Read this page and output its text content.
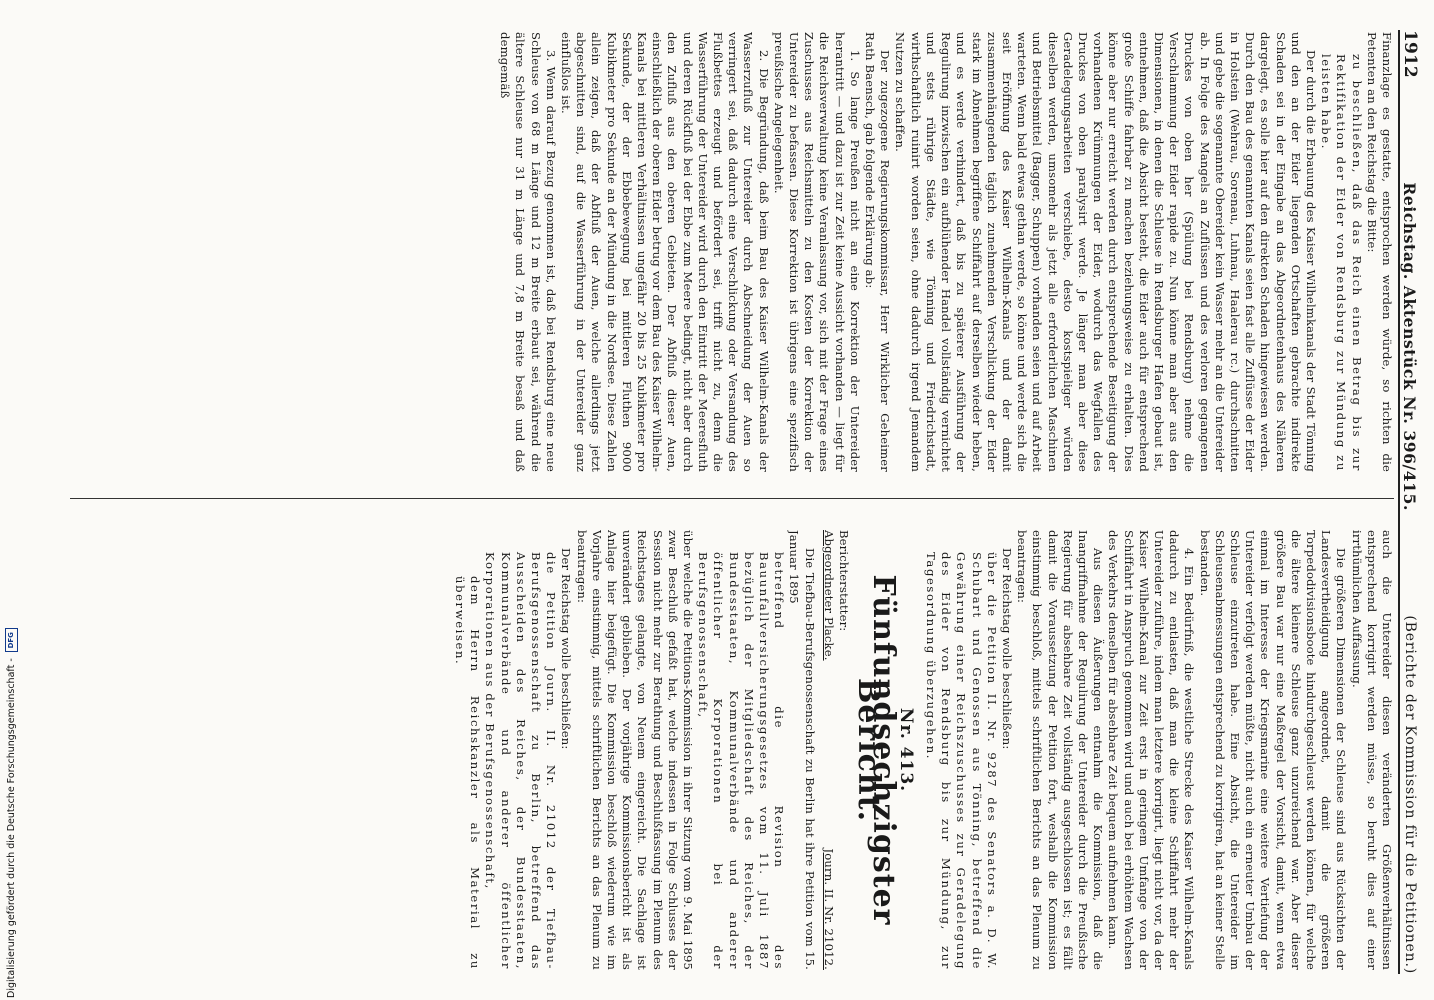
1912
Reichstag. Aktenstück Nr. 396/415.
(Berichte der Kommission für die Petitionen.)

Finanzlage es gestatte, entsprochen werden würde, so richten die Petenten an den Reichstag die Bitte:

zu beschließen, daß das Reich einen Betrag bis zur Rektifikation der Eider von Rendsburg zur Mündung zu leisten habe.

Der durch die Erbauung des Kaiser Wilhelmkanals der Stadt Tönning und den an der Eider liegenden Ortschaften gebrachte indirekte Schaden sei in der Eingabe an das Abgeordnetenhaus des Näheren dargelegt, es solle hier auf den direkten Schaden hingewiesen werden. Durch den Bau des genannten Kanals seien fast alle Zuflüsse der Eider in Holstein (Wehrau, Sorenau, Luhnau, Haalerau rc.) durchschnitten und gebe die sogenannte Obereider kein Wasser mehr an die Untereider ab. In Folge des Mangels an Zuflüssen und des verloren gegangenen Druckes von oben her (Spülung bei Rendsburg) nehme die Verschlammung der Eider rapide zu. Nun könne man aber aus den Dimensionen, in denen die Schleuse in Rendsburger Hafen gebaut ist, entnehmen, daß die Absicht besteht, die Eider auch für entsprechend große Schiffe fahrbar zu machen beziehungsweise zu erhalten. Dies könne aber nur erreicht werden durch entsprechende Beseitigung der vorhandenen Krümmungen der Eider, wodurch das Wegfallen des Druckes von oben paralysirt werde. Je länger man aber diese Geradelegungsarbeiten verschiebe, desto kostspieliger würden dieselben werden, umsomehr als jetzt alle erforderlichen Maschinen und Betriebsmittel (Bagger, Schuppen) vorhanden seien und auf Arbeit warteten. Wenn bald etwas gethan werde, so könne und werde sich die seit Eröffnung des Kaiser Wilhelm-Kanals und der damit zusammenhängenden täglich zunehmenden Verschlickung der Eider stark im Abnehmen begriffene Schiffahrt auf derselben wieder heben, und es werde verhindert, daß bis zu späterer Ausführung der Regulirung inzwischen ein aufblühender Handel vollständig vernichtet und stets rührige Städte, wie Tönning und Friedrichstadt, wirthschaftlich ruinirt worden seien, ohne dadurch irgend Jemandem Nutzen zu schaffen.

Der zugezogene Regierungskommissar, Herr Wirklicher Geheimer Rath Baensch, gab folgende Erklärung ab:

1. So lange Preußen nicht an eine Korrektion der Untereider herantritt — und dazu ist zur Zeit keine Aussicht vorhanden — liegt für die Reichsverwaltung keine Veranlassung vor, sich mit der Frage eines Zuschusses aus Reichsmitteln zu den Kosten der Korrektion der Untereider zu befassen. Diese Korrektion ist übrigens eine spezifisch preußische Angelegenheit.

2. Die Begründung, daß beim Bau des Kaiser Wilhelm-Kanals der Wasserzufluß zur Untereider durch Abschneidung der Auen so verringert sei, daß dadurch eine Verschlickung oder Versandung des Flußbettes erzeugt und befördert sei, trifft nicht zu, denn die Wasserführung der Untereider wird durch den Eintritt der Meeresfluth und deren Rückfluß bei der Ebbe zum Meere bedingt, nicht aber durch den Zufluß aus den oberen Gebieten. Der Abfluß dieser Auen, einschließlich der oberen Eider betrug vor dem Bau des Kaiser Wilhelm-Kanals bei mittleren Verhältnissen ungefähr 20 bis 25 Kubikmeter pro Sekunde, der der Ebbebewegung bei mittleren Fluthen 9000 Kubikmeter pro Sekunde an der Mündung in die Nordsee. Diese Zahlen allein zeigen, daß der Abfluß der Auen, welche allerdings jetzt abgeschnitten sind, auf die Wasserführung in der Untereider ganz einflußlos ist.

3. Wenn darauf Bezug genommen ist, daß bei Rendsburg eine neue Schleuse von 68 m Länge und 12 m Breite erbaut sei, während die ältere Schleuse nur 31 m Länge und 7,8 m Breite besaß und daß demgemäß

auch die Untereider diesen veränderten Größenverhältnissen entsprechend korrigirt werden müsse, so beruht dies auf einer irrthümlichen Auffassung.

Die größeren Dimensionen der Schleuse sind aus Rücksichten der Landesvertheidigung angeordnet, damit die größeren Torpedodivisionsboote hindurchgeschleust werden können, für welche die ältere kleinere Schleuse ganz unzureichend war. Aber dieser größere Bau war nur eine Maßregel der Vorsicht, damit, wenn etwa einmal im Interesse der Kriegsmarine eine weitere Vertiefung der Untereider verfolgt werden müßte, nicht auch ein erneuter Umbau der Schleuse einzutreten habe. Eine Absicht, die Untereider im Schleusenabmessungen entsprechend zu korrigiren, hat an keiner Stelle bestanden.

4. Ein Bedürfniß, die westliche Strecke des Kaiser Wilhelm-Kanals dadurch zu entlasten, daß man die kleine Schiffahrt mehr der Untereider zuführe, indem man letztere korrigirt, liegt nicht vor, da der Kaiser Wilhelm-Kanal zur Zeit erst in geringem Umfange von der Schiffahrt in Anspruch genommen wird und auch bei erhöhtem Wachsen des Verkehrs denselben für absehbare Zeit bequem aufnehmen kann.

Aus diesen Äußerungen entnahm die Kommission, daß die Inangriffnahme der Regulirung der Untereider durch die Preußische Regierung für absehbare Zeit vollständig ausgeschlossen ist; es fällt damit die Voraussetzung der Petition fort, weshalb die Kommission einstimmig beschloß, mittels schriftlichen Berichts an das Plenum zu beantragen:

Der Reichstag wolle beschließen:

über die Petition II. Nr. 9287 des Senators a. D. W. Schubart und Genossen aus Tönning, betreffend die Gewährung einer Reichszuschusses zur Geradelegung des Eider von Rendsburg bis zur Mündung, zur Tagesordnung überzugehen.

Nr. 413.
Fünfundsechzigster Bericht.

Berichterstatter:

Abgeordneter Placke.
Journ. II. Nr. 21012.

Die Tiefbau-Berufsgenossenschaft zu Berlin hat ihre Petition vom 15. Januar 1895

betreffend die Revision des Bauunfallversicherungsgesetzes vom 11. Juli 1887 bezüglich der Mitgliedschaft des Reiches, der Bundesstaaten, Kommunalverbände und anderer öffentlicher Korporationen bei der Berufsgenossenschaft,

über welche die Petitions-Kommission in ihrer Sitzung vom 9. Mai 1895 zwar Beschluß gefaßt hat, welche indessen in Folge Schlusses der Session nicht mehr zur Berathung und Beschlußfassung im Plenum des Reichstages gelangte, von Neuem eingereicht. Die Sachlage ist unverändert geblieben. Der vorjährige Kommissionsbericht ist als Anlage hier beigefügt. Die Kommission beschloß wiederum wie im Vorjahre einstimmig, mittels schriftlichen Berichts an das Plenum zu beantragen:

Der Reichstag wolle beschließen:

die Petition Journ. II. Nr. 21012 der Tiefbau-Berufsgenossenschaft zu Berlin, betreffend das Ausscheiden des Reiches, der Bundesstaaten, Kommunalverbände und anderer öffentlicher Korporationen aus der Berufsgenossenschaft,

dem Herrn Reichskanzler als Material zu überweisen.

Digitalisierung gefördert durch die Deutsche Forschungsgemeinschaft -
DFG
